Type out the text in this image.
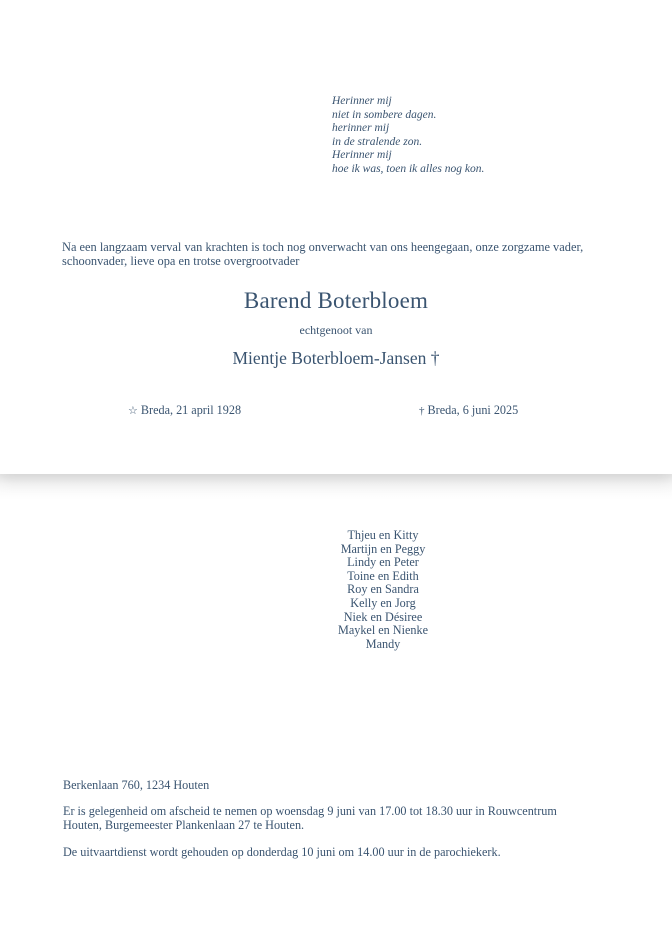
Herinner mij
niet in sombere dagen.
herinner mij
in de stralende zon.
Herinner mij
hoe ik was, toen ik alles nog kon.
Na een langzaam verval van krachten is toch nog onverwacht van ons heengegaan, onze zorgzame vader, schoonvader, lieve opa en trotse overgrootvader
Barend Boterbloem
echtgenoot van
Mientje Boterbloem-Jansen †
☆ Breda, 21 april 1928	† Breda, 6 juni 2025
Thjeu en Kitty
Martijn en Peggy
Lindy en Peter
Toine en Edith
Roy en Sandra
Kelly en Jorg
Niek en Désiree
Maykel en Nienke
Mandy
Berkenlaan 760, 1234 Houten
Er is gelegenheid om afscheid te nemen op woensdag 9 juni van 17.00 tot 18.30 uur in Rouwcentrum Houten, Burgemeester Plankenlaan 27 te Houten.
De uitvaartdienst wordt gehouden op donderdag 10 juni om 14.00 uur in de parochiekerk.
